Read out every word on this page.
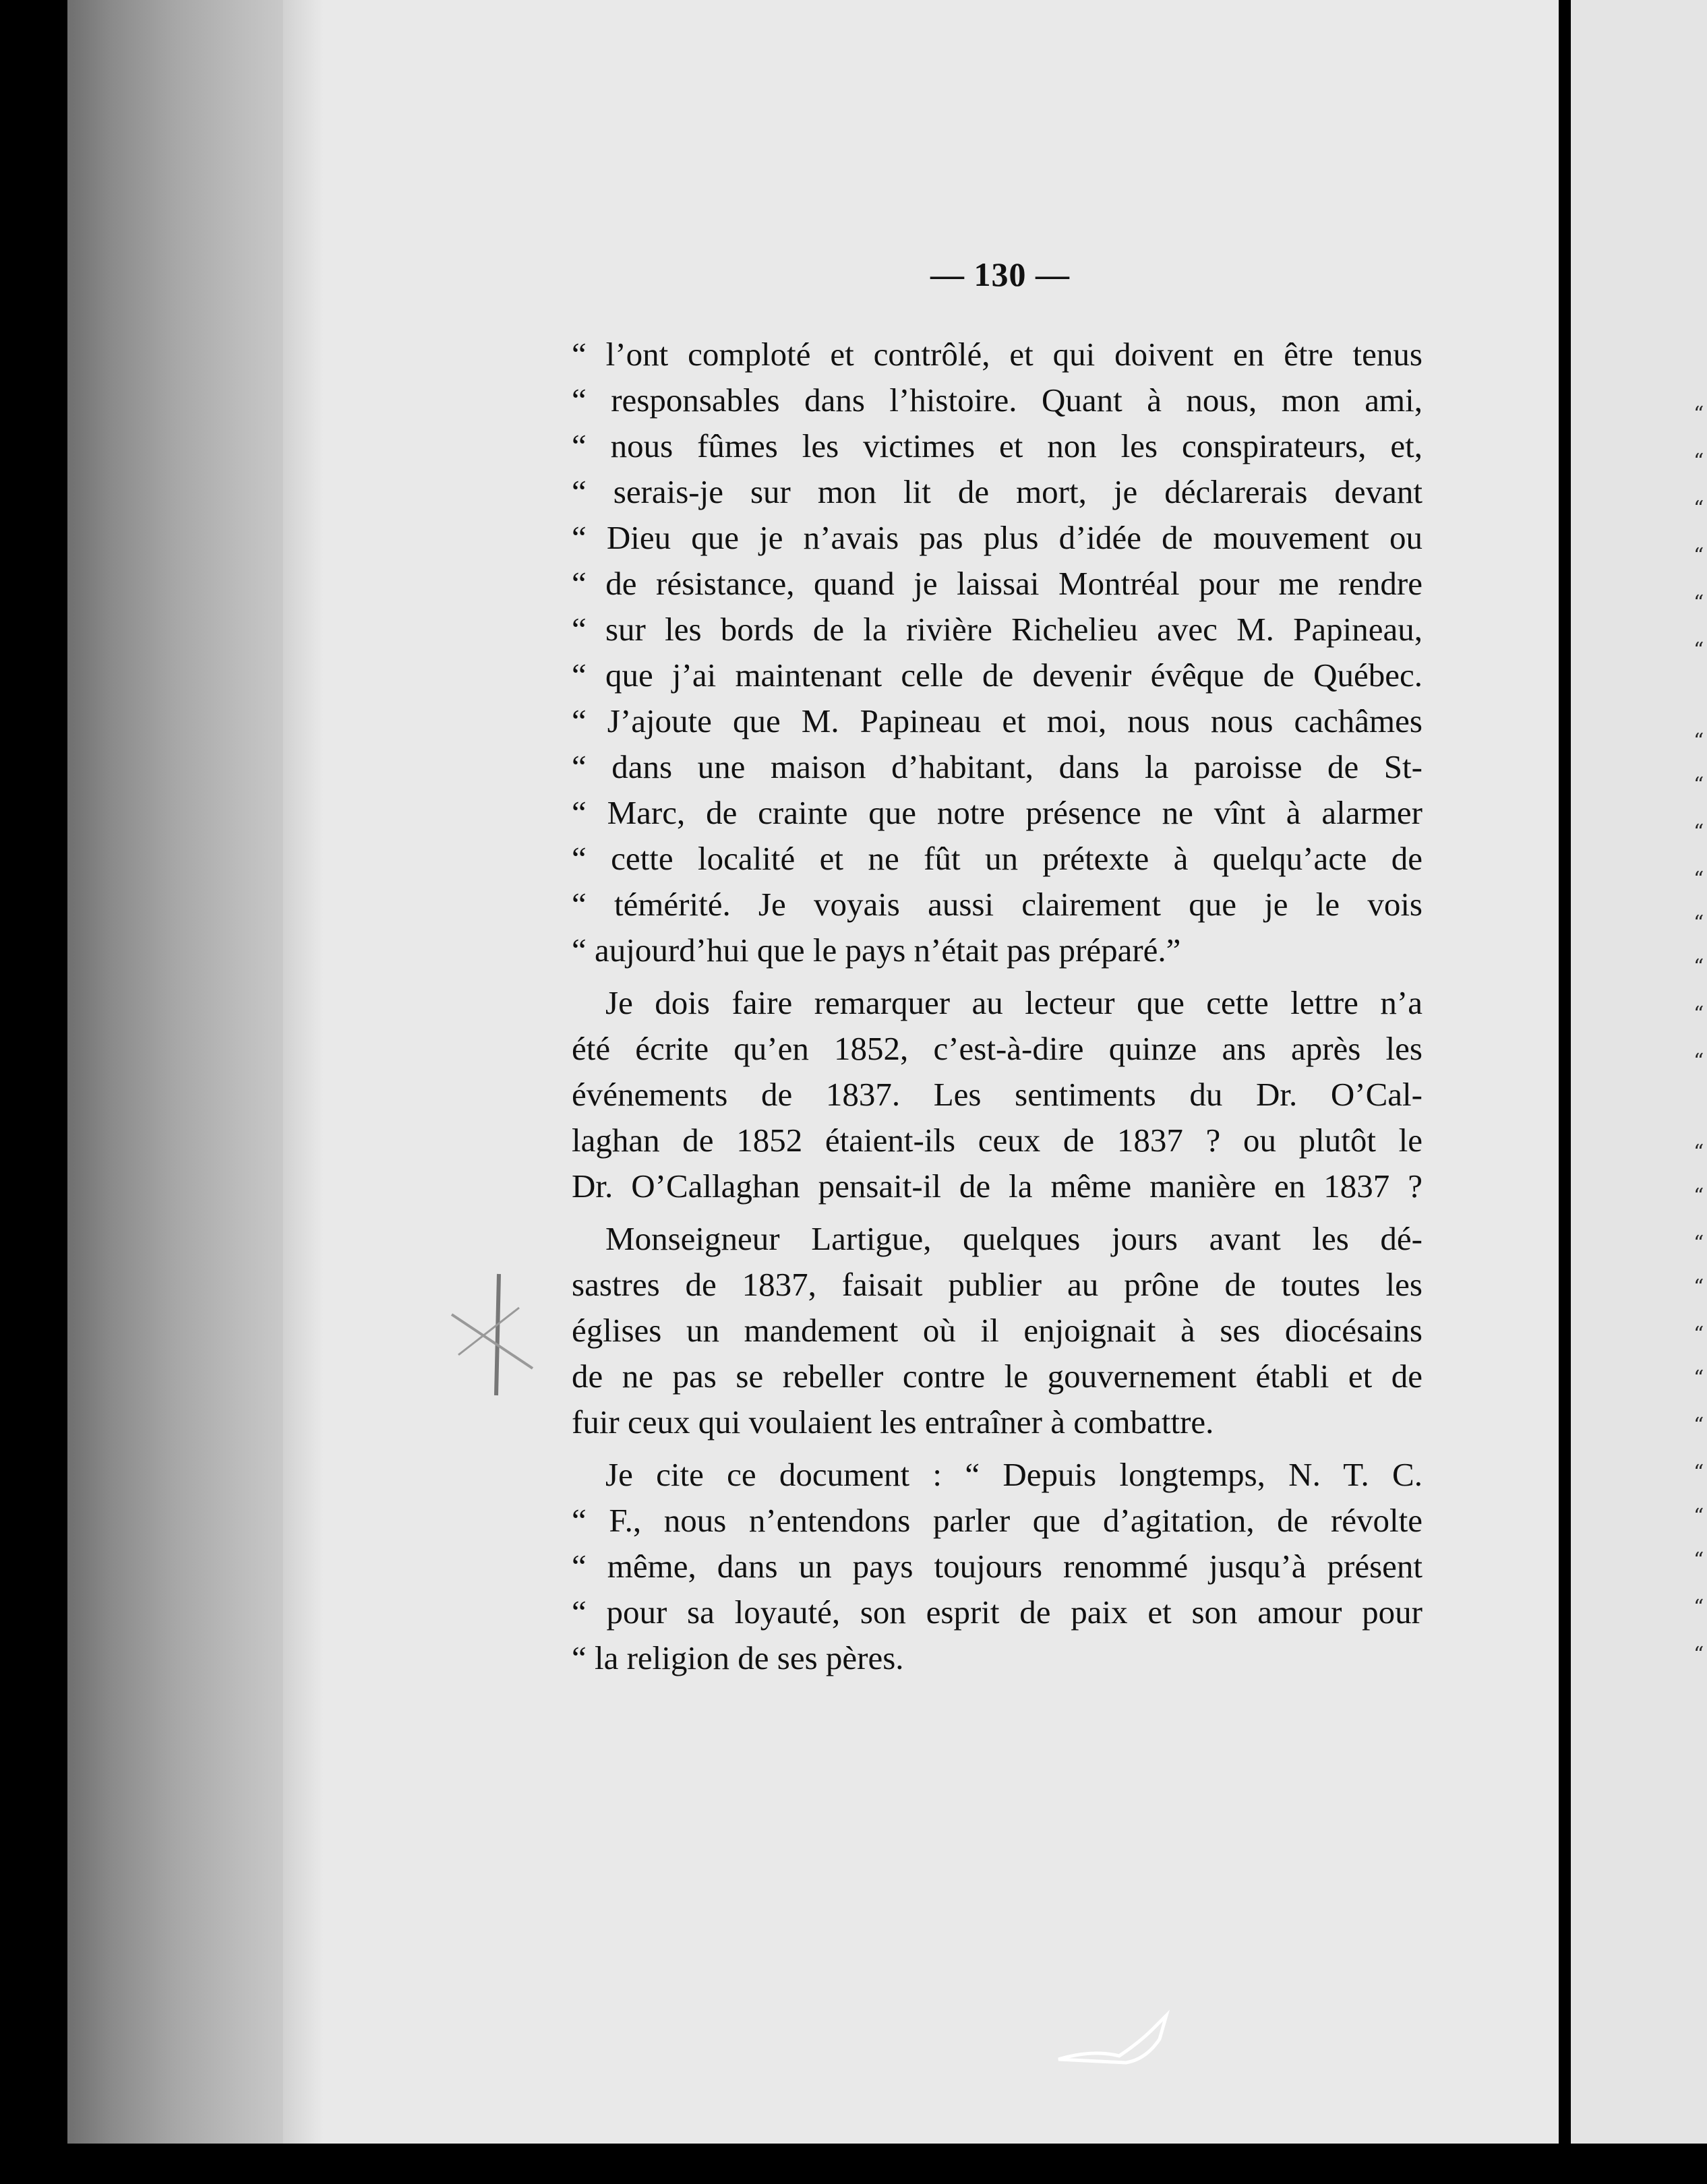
“
“
“
“
“
“
“
“
“
“
“
“
“
“
“
“
“
“
“
“
“
“
“
“
“
“
— 130 —
“ l’ont comploté et contrôlé, et qui doivent en être tenus
“ responsables dans l’histoire. Quant à nous, mon ami,
“ nous fûmes les victimes et non les conspirateurs, et,
“ serais-je sur mon lit de mort, je déclarerais devant
“ Dieu que je n’avais pas plus d’idée de mouvement ou
“ de résistance, quand je laissai Montréal pour me rendre
“ sur les bords de la rivière Richelieu avec M. Papineau,
“ que j’ai maintenant celle de devenir évêque de Québec.
“ J’ajoute que M. Papineau et moi, nous nous cachâmes
“ dans une maison d’habitant, dans la paroisse de St-
“ Marc, de crainte que notre présence ne vînt à alarmer
“ cette localité et ne fût un prétexte à quelqu’acte de
“ témérité. Je voyais aussi clairement que je le vois
“ aujourd’hui que le pays n’était pas préparé.”
Je dois faire remarquer au lecteur que cette lettre n’a
été écrite qu’en 1852, c’est-à-dire quinze ans après les
événements de 1837. Les sentiments du Dr. O’Cal-
laghan de 1852 étaient-ils ceux de 1837 ? ou plutôt le
Dr. O’Callaghan pensait-il de la même manière en 1837 ?
Monseigneur Lartigue, quelques jours avant les dé-
sastres de 1837, faisait publier au prône de toutes les
églises un mandement où il enjoignait à ses diocésains
de ne pas se rebeller contre le gouvernement établi et de
fuir ceux qui voulaient les entraîner à combattre.
Je cite ce document : “ Depuis longtemps, N. T. C.
“ F., nous n’entendons parler que d’agitation, de révolte
“ même, dans un pays toujours renommé jusqu’à présent
“ pour sa loyauté, son esprit de paix et son amour pour
“ la religion de ses pères.
